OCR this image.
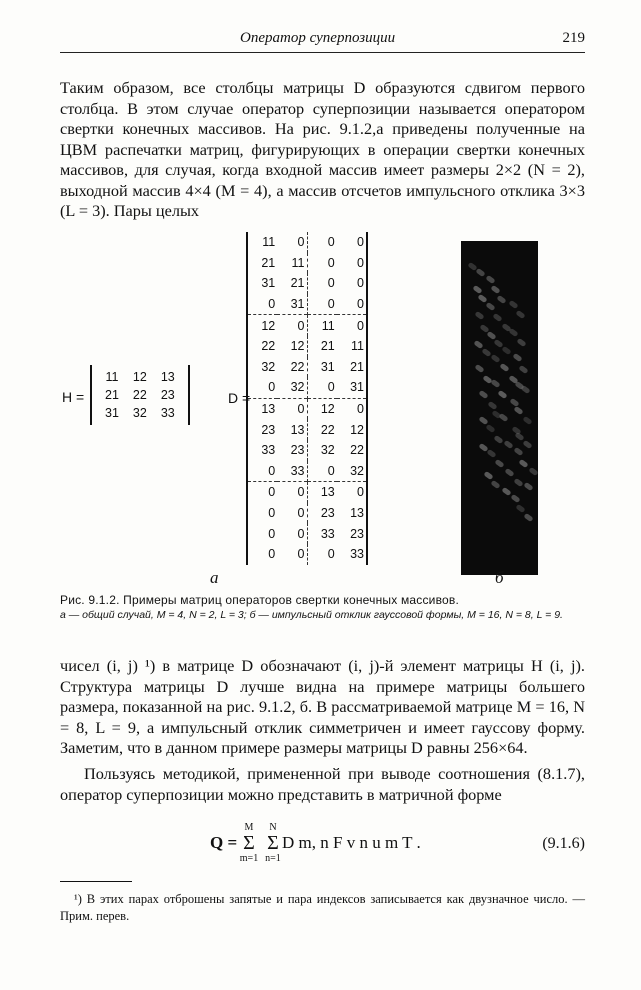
Оператор суперпозиции	219

Таким образом, все столбцы матрицы D образуются сдвигом первого столбца. В этом случае оператор суперпозиции называется оператором свертки конечных массивов. На рис. 9.1.2,а приведены полученные на ЦВМ распечатки матриц, фигурирующих в операции свертки конечных массивов, для случая, когда входной массив имеет размеры 2×2 (N = 2), выходной массив 4×4 (M = 4), а массив отсчетов импульсного отклика 3×3 (L = 3). Пары целых

H =
11	12	13
21	22	23
31	32	33
D =
11	0	0	0
21	11	0	0
31	21	0	0
0	31	0	0
12	0	11	0
22	12	21	11
32	22	31	21
0	32	0	31
13	0	12	0
23	13	22	12
33	23	32	22
0	33	0	32
0	0	13	0
0	0	23	13
0	0	33	23
0	0	0	33
а	б
Рис. 9.1.2. Примеры матриц операторов свертки конечных массивов.
а — общий случай, M = 4, N = 2, L = 3; б — импульсный отклик гауссовой формы, M = 16, N = 8, L = 9.

чисел (i, j) ¹) в матрице D обозначают (i, j)-й элемент матрицы H (i, j). Структура матрицы D лучше видна на примере матрицы большего размера, показанной на рис. 9.1.2, б. В рассматриваемой матрице M = 16, N = 8, L = 9, а импульсный отклик симметричен и имеет гауссову форму. Заметим, что в данном примере размеры матрицы D равны 256×64.

Пользуясь методикой, примененной при выводе соотношения (8.1.7), оператор суперпозиции можно представить в матричной форме

Q =
M
Σ
m=1
N
Σ
n=1
D m, n F v n u m T .	(9.1.6)

¹) В этих парах отброшены запятые и пара индексов записывается как двузначное число. — Прим. перев.
